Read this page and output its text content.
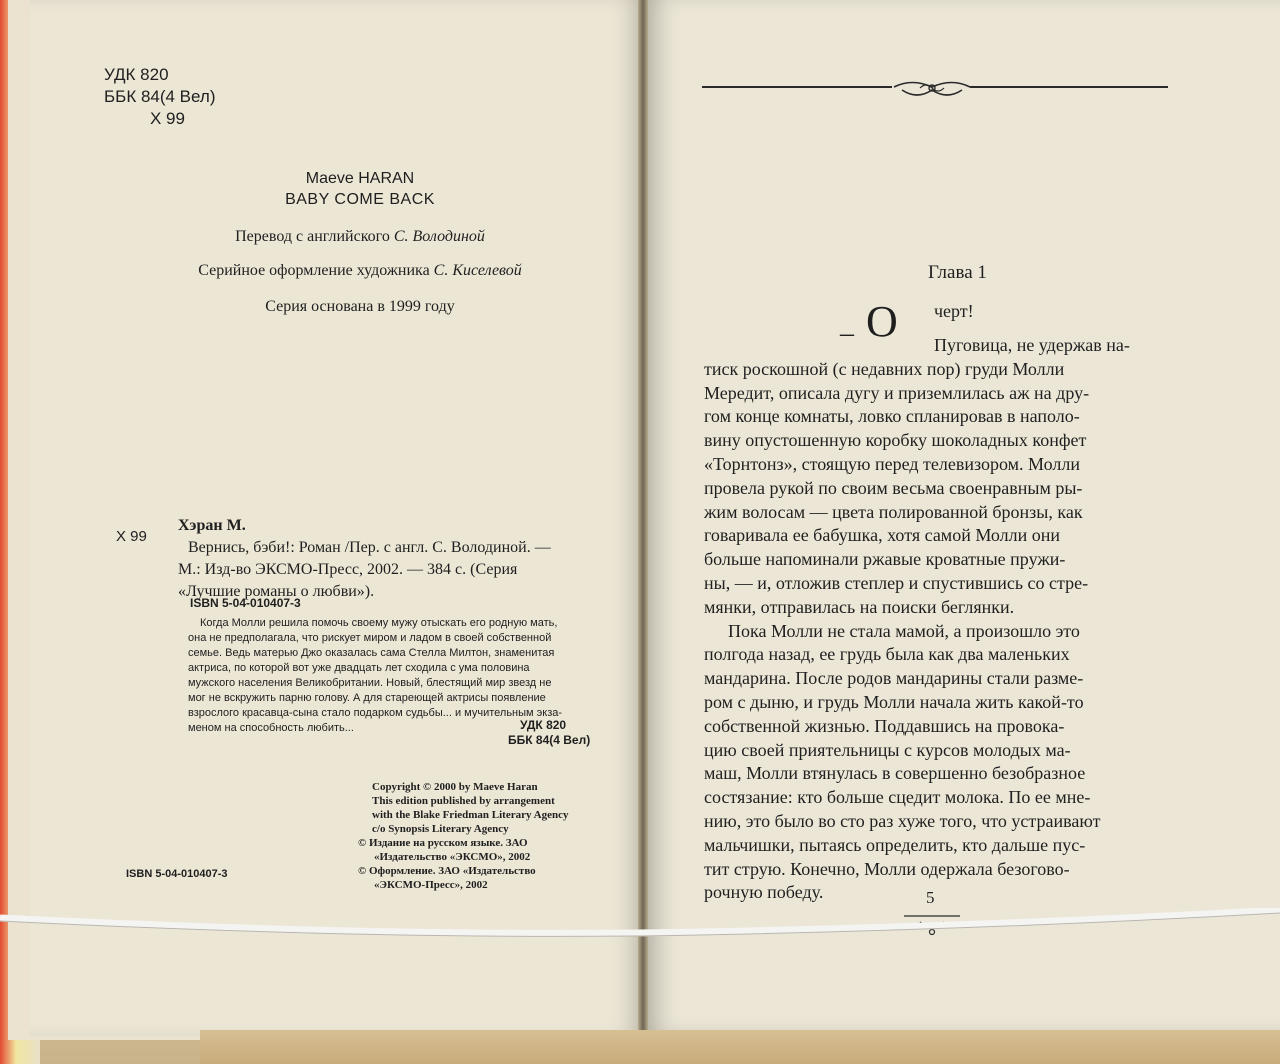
УДК 820
ББК 84(4 Вел)
Х 99
Maeve HARAN
BABY COME BACK
Перевод с английского С. Володиной
Серийное оформление художника С. Киселевой
Серия основана в 1999 году
Х 99
Хэран М.
Вернись, бэби!: Роман /Пер. с англ. С. Володиной. —
М.: Изд-во ЭКСМО-Пресс, 2002. — 384 с. (Серия
«Лучшие романы о любви»).
ISBN 5-04-010407-3
Когда Молли решила помочь своему мужу отыскать его родную мать,
она не предполагала, что рискует миром и ладом в своей собственной
семье. Ведь матерью Джо оказалась сама Стелла Милтон, знаменитая
актриса, по которой вот уже двадцать лет сходила с ума половина
мужского населения Великобритании. Новый, блестящий мир звезд не
мог не вскружить парню голову. А для стареющей актрисы появление
взрослого красавца-сына стало подарком судьбы... и мучительным экза-
меном на способность любить...	УДК 820
ББК 84(4 Вел)
Copyright © 2000 by Maeve Haran
This edition published by arrangement
with the Blake Friedman Literary Agency
c/o Synopsis Literary Agency
© Издание на русском языке. ЗАО
«Издательство «ЭКСМО», 2002
© Оформление. ЗАО «Издательство
«ЭКСМО-Пресс», 2002
ISBN 5-04-010407-3
Глава 1
– О черт!
Пуговица, не удержав на-
тиск роскошной (с недавних пор) груди Молли
Мередит, описала дугу и приземлилась аж на дру-
гом конце комнаты, ловко спланировав в наполо-
вину опустошенную коробку шоколадных конфет
«Торнтонз», стоящую перед телевизором. Молли
провела рукой по своим весьма своенравным ры-
жим волосам — цвета полированной бронзы, как
говаривала ее бабушка, хотя самой Молли они
больше напоминали ржавые кроватные пружи-
ны, — и, отложив степлер и спустившись со стре-
мянки, отправилась на поиски беглянки.
Пока Молли не стала мамой, а произошло это
полгода назад, ее грудь была как два маленьких
мандарина. После родов мандарины стали разме-
ром с дыню, и грудь Молли начала жить какой-то
собственной жизнью. Поддавшись на провока-
цию своей приятельницы с курсов молодых ма-
маш, Молли втянулась в совершенно безобразное
состязание: кто больше сцедит молока. По ее мне-
нию, это было во сто раз хуже того, что устраивают
мальчишки, пытаясь определить, кто дальше пус-
тит струю. Конечно, Молли одержала безогово-
рочную победу.	5
